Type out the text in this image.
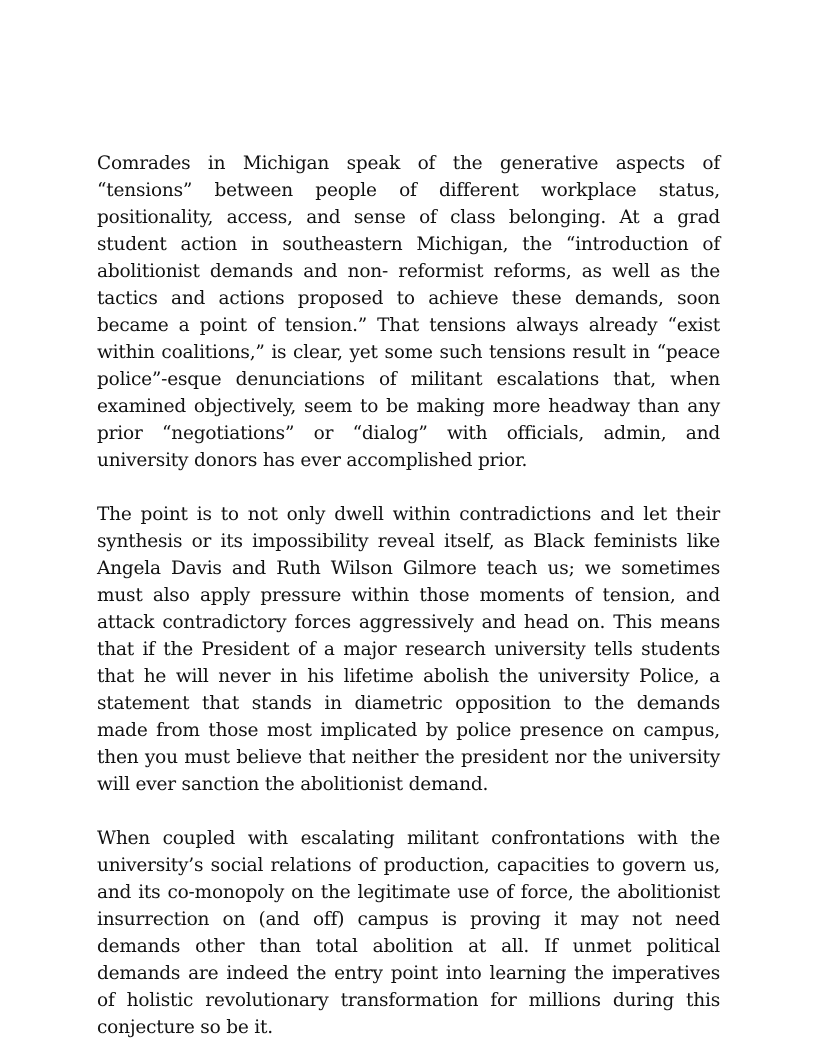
Comrades in Michigan speak of the generative aspects of “tensions” between people of different workplace status, positionality, access, and sense of class belonging. At a grad student action in southeastern Michigan, the “introduction of abolitionist demands and non- reformist reforms, as well as the tactics and actions proposed to achieve these demands, soon became a point of tension.” That tensions always already “exist within coalitions,” is clear, yet some such tensions result in “peace police”-esque denunciations of militant escalations that, when examined objectively, seem to be making more headway than any prior “negotiations” or “dialog” with officials, admin, and university donors has ever accomplished prior.

The point is to not only dwell within contradictions and let their synthesis or its impossibility reveal itself, as Black feminists like Angela Davis and Ruth Wilson Gilmore teach us; we sometimes must also apply pressure within those moments of tension, and attack contradictory forces aggressively and head on. This means that if the President of a major research university tells students that he will never in his lifetime abolish the university Police, a statement that stands in diametric opposition to the demands made from those most implicated by police presence on campus, then you must believe that neither the president nor the university will ever sanction the abolitionist demand.

When coupled with escalating militant confrontations with the university’s social relations of production, capacities to govern us, and its co-monopoly on the legitimate use of force, the abolitionist insurrection on (and off) campus is proving it may not need demands other than total abolition at all. If unmet political demands are indeed the entry point into learning the imperatives of holistic revolutionary transformation for millions during this conjecture so be it.
